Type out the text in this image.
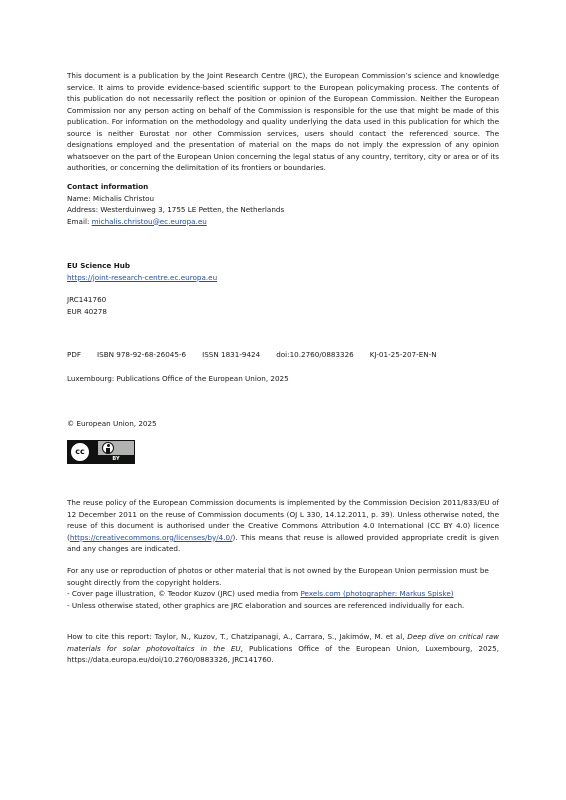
This document is a publication by the Joint Research Centre (JRC), the European Commission’s science and knowledge service. It aims to provide evidence-based scientific support to the European policymaking process. The contents of this publication do not necessarily reflect the position or opinion of the European Commission. Neither the European Commission nor any person acting on behalf of the Commission is responsible for the use that might be made of this publication. For information on the methodology and quality underlying the data used in this publication for which the source is neither Eurostat nor other Commission services, users should contact the referenced source. The designations employed and the presentation of material on the maps do not imply the expression of any opinion whatsoever on the part of the European Union concerning the legal status of any country, territory, city or area or of its authorities, or concerning the delimitation of its frontiers or boundaries.
Contact information
Name: Michalis Christou
Address: Westerduinweg 3, 1755 LE Petten, the Netherlands
Email: michalis.christou@ec.europa.eu
EU Science Hub
https://joint-research-centre.ec.europa.eu
JRC141760
EUR 40278
PDF ISBN 978-92-68-26045-6 ISSN 1831-9424 doi:10.2760/0883326 KJ-01-25-207-EN-N
Luxembourg: Publications Office of the European Union, 2025
© European Union, 2025
cc
BY
The reuse policy of the European Commission documents is implemented by the Commission Decision 2011/833/EU of 12 December 2011 on the reuse of Commission documents (OJ L 330, 14.12.2011, p. 39). Unless otherwise noted, the reuse of this document is authorised under the Creative Commons Attribution 4.0 International (CC BY 4.0) licence (https://creativecommons.org/licenses/by/4.0/). This means that reuse is allowed provided appropriate credit is given and any changes are indicated.
For any use or reproduction of photos or other material that is not owned by the European Union permission must be sought directly from the copyright holders.
- Cover page illustration, © Teodor Kuzov (JRC) used media from Pexels.com (photographer: Markus Spiske)
- Unless otherwise stated, other graphics are JRC elaboration and sources are referenced individually for each.
How to cite this report: Taylor, N., Kuzov, T., Chatzipanagi, A., Carrara, S., Jakimów, M. et al, Deep dive on critical raw materials for solar photovoltaics in the EU, Publications Office of the European Union, Luxembourg, 2025, https://data.europa.eu/doi/10.2760/0883326, JRC141760.
